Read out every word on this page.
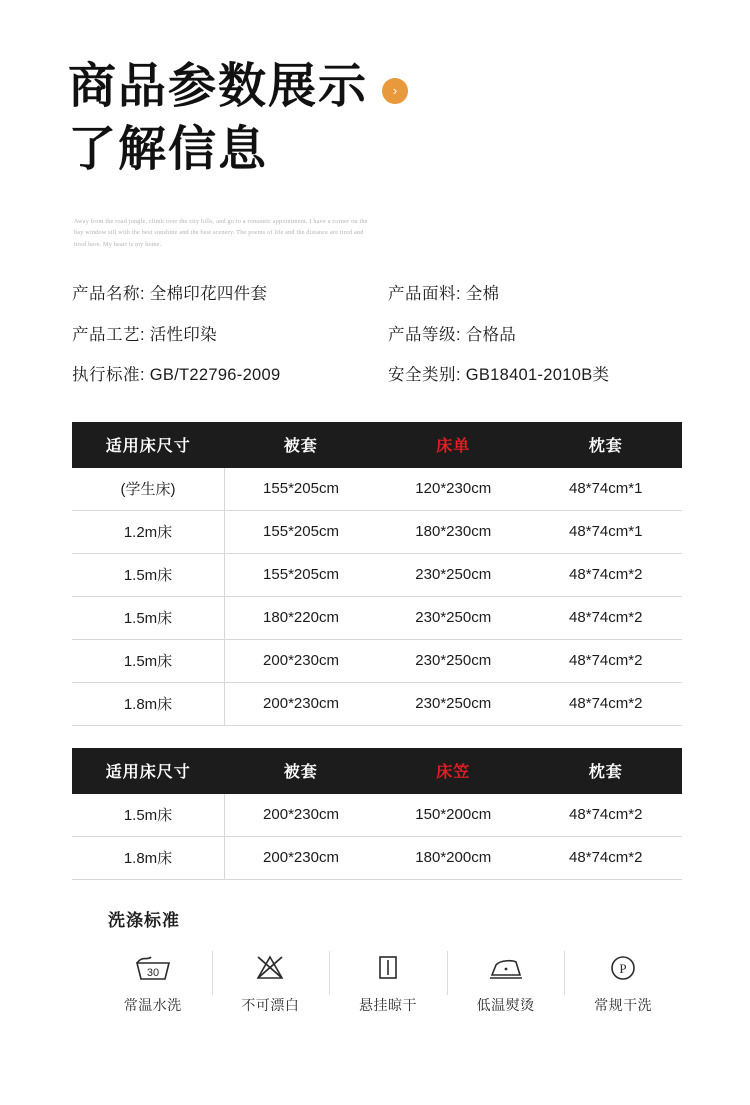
商品参数展示	›
了解信息
Away from the road jungle, climb over the city hills, and go to a romantic appointment. I have a corner on the bay window sill with the best sunshine and the best scenery. The poems of life and the distance are tired and tired here. My heart is my home.
产品名称: 全棉印花四件套
产品工艺: 活性印染
执行标准: GB/T22796-2009
产品面料: 全棉
产品等级: 合格品
安全类别: GB18401-2010B类
适用床尺寸	被套	床单	枕套
(学生床)	155*205cm	120*230cm	48*74cm*1
1.2m床	155*205cm	180*230cm	48*74cm*1
1.5m床	155*205cm	230*250cm	48*74cm*2
1.5m床	180*220cm	230*250cm	48*74cm*2
1.5m床	200*230cm	230*250cm	48*74cm*2
1.8m床	200*230cm	230*250cm	48*74cm*2
适用床尺寸	被套	床笠	枕套
1.5m床	200*230cm	150*200cm	48*74cm*2
1.8m床	200*230cm	180*200cm	48*74cm*2
洗涤标准
30
常温水洗	不可漂白	悬挂晾干	低温熨烫
P
常规干洗
